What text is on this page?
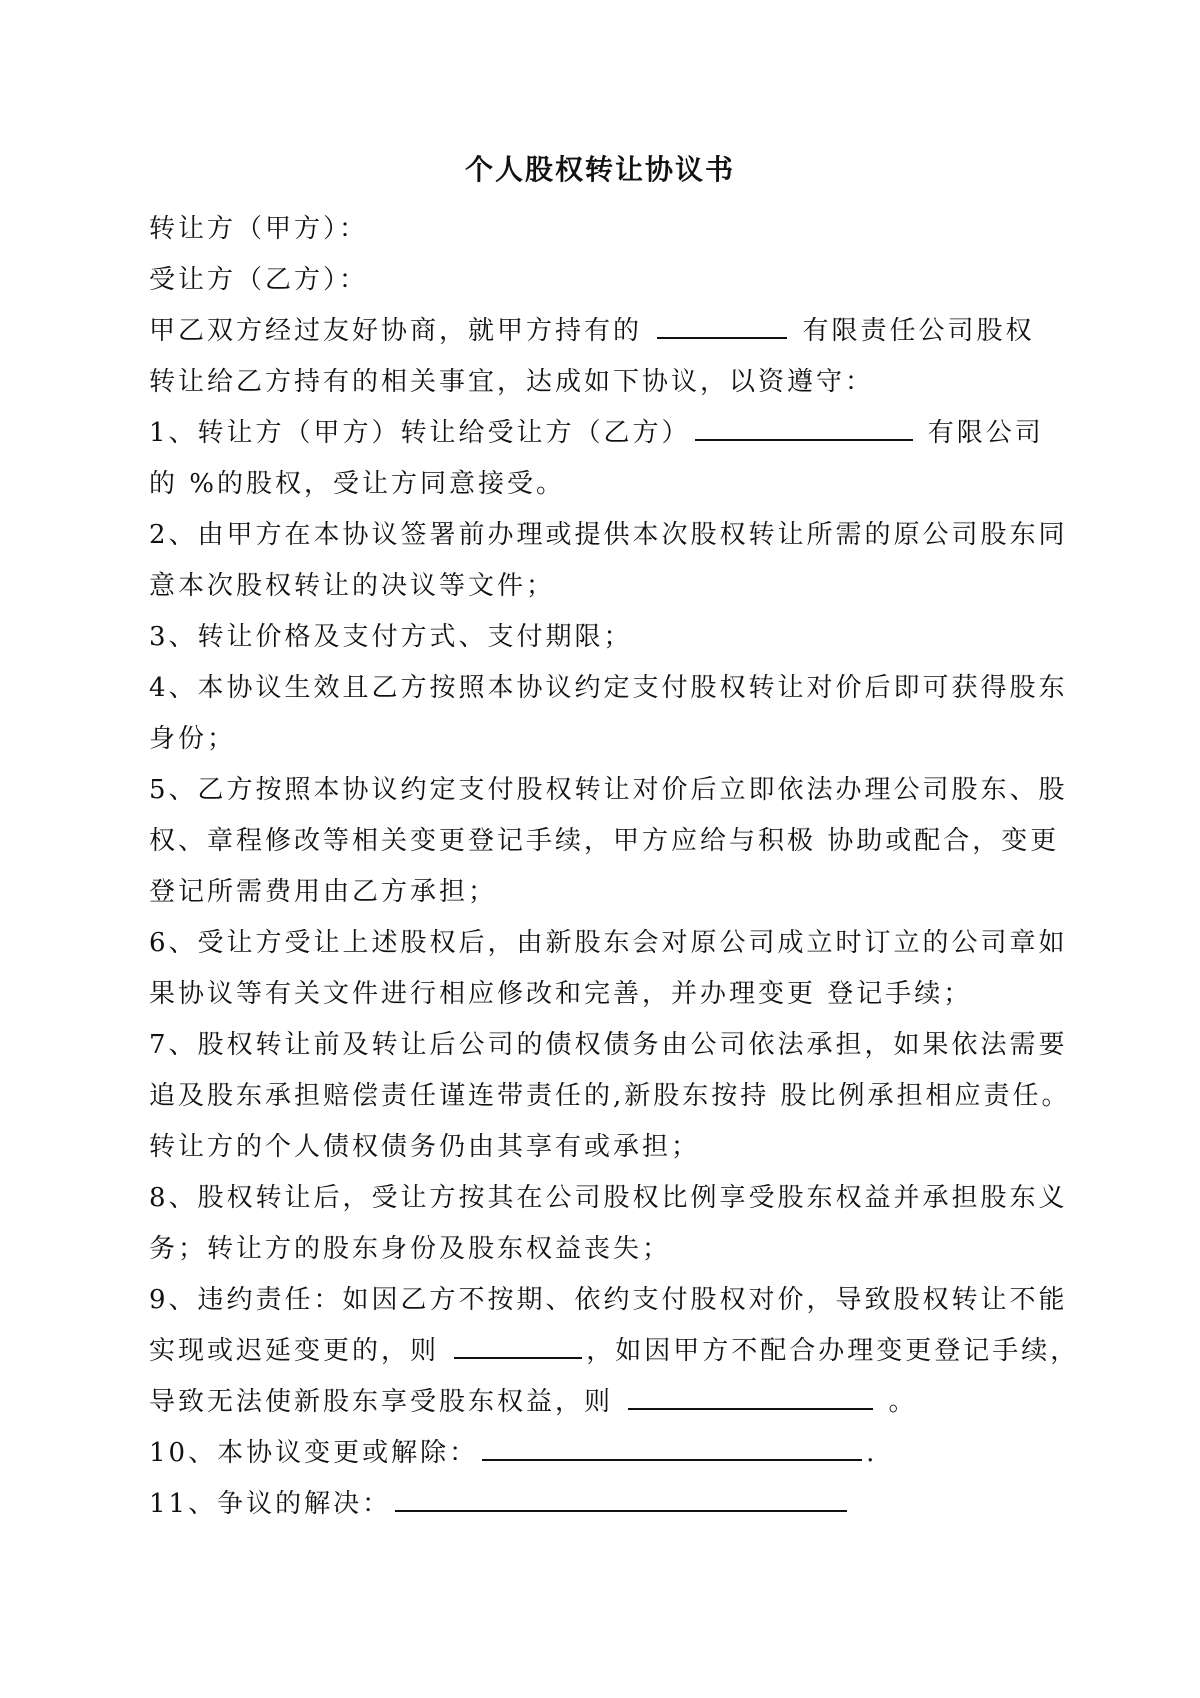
个人股权转让协议书
转让方（甲方）：
受让方（乙方）：
甲乙双方经过友好协商，就甲方持有的	有限责任公司股权
转让给乙方持有的相关事宜，达成如下协议，以资遵守：
1、转让方（甲方）转让给受让方（乙方）	有限公司
的 %的股权，受让方同意接受。
2、由甲方在本协议签署前办理或提供本次股权转让所需的原公司股东同
意本次股权转让的决议等文件；
3、转让价格及支付方式、支付期限；
4、本协议生效且乙方按照本协议约定支付股权转让对价后即可获得股东
身份；
5、乙方按照本协议约定支付股权转让对价后立即依法办理公司股东、股
权、章程修改等相关变更登记手续，甲方应给与积极 协助或配合，变更
登记所需费用由乙方承担；
6、受让方受让上述股权后，由新股东会对原公司成立时订立的公司章如
果协议等有关文件进行相应修改和完善，并办理变更 登记手续；
7、股权转让前及转让后公司的债权债务由公司依法承担，如果依法需要
追及股东承担赔偿责任谨连带责任的,新股东按持 股比例承担相应责任。
转让方的个人债权债务仍由其享有或承担；
8、股权转让后，受让方按其在公司股权比例享受股东权益并承担股东义
务；转让方的股东身份及股东权益丧失；
9、违约责任：如因乙方不按期、依约支付股权对价，导致股权转让不能
实现或迟延变更的，则	，如因甲方不配合办理变更登记手续，
导致无法使新股东享受股东权益，则	。
10、本协议变更或解除：	.
11、争议的解决：
